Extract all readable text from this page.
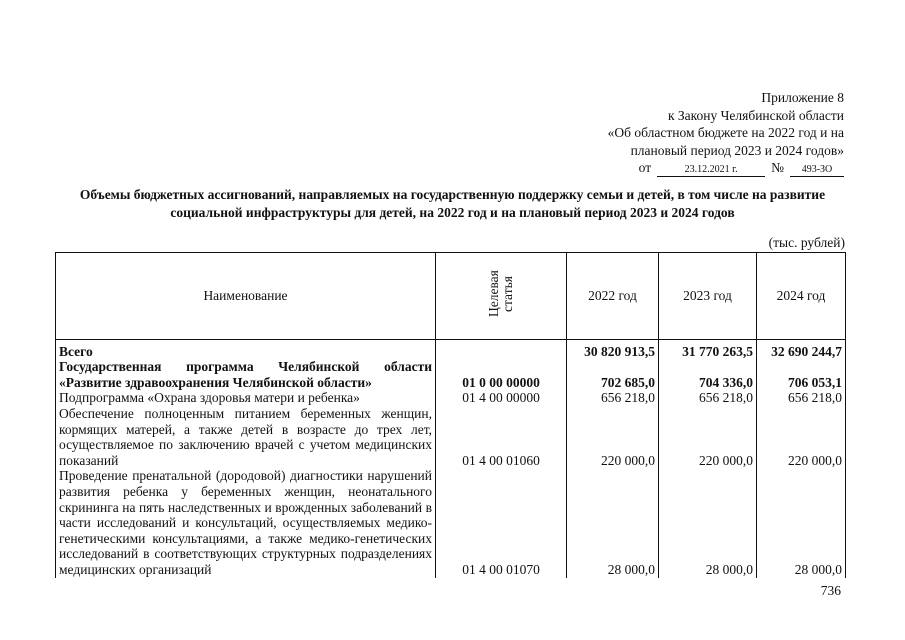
Приложение 8
к Закону Челябинской области
«Об областном бюджете на 2022 год и на
плановый период 2023 и 2024 годов»
от	23.12.2021 г.	№	493-ЗО
Объемы бюджетных ассигнований, направляемых на государственную поддержку семьи и детей, в том числе на развитие
социальной инфраструктуры для детей, на 2022 год и на плановый период 2023 и 2024 годов
(тыс. рублей)
Наименование	Целевая статья	2022 год	2023 год	2024 год
Всего		30 820 913,5	31 770 263,5	32 690 244,7
Государственная программа Челябинской области «Развитие здравоохранения Челябинской области»	01 0 00 00000	702 685,0	704 336,0	706 053,1
Подпрограмма «Охрана здоровья матери и ребенка»	01 4 00 00000	656 218,0	656 218,0	656 218,0
Обеспечение полноценным питанием беременных женщин, кормящих матерей, а также детей в возрасте до трех лет, осуществляемое по заключению врачей с учетом медицинских показаний	01 4 00 01060	220 000,0	220 000,0	220 000,0
Проведение пренатальной (дородовой) диагностики нарушений развития ребенка у беременных женщин, неонатального скрининга на пять наследственных и врожденных заболеваний в части исследований и консультаций, осуществляемых медико-генетическими консультациями, а также медико-генетических исследований в соответствующих структурных подразделениях медицинских организаций	01 4 00 01070	28 000,0	28 000,0	28 000,0
736
